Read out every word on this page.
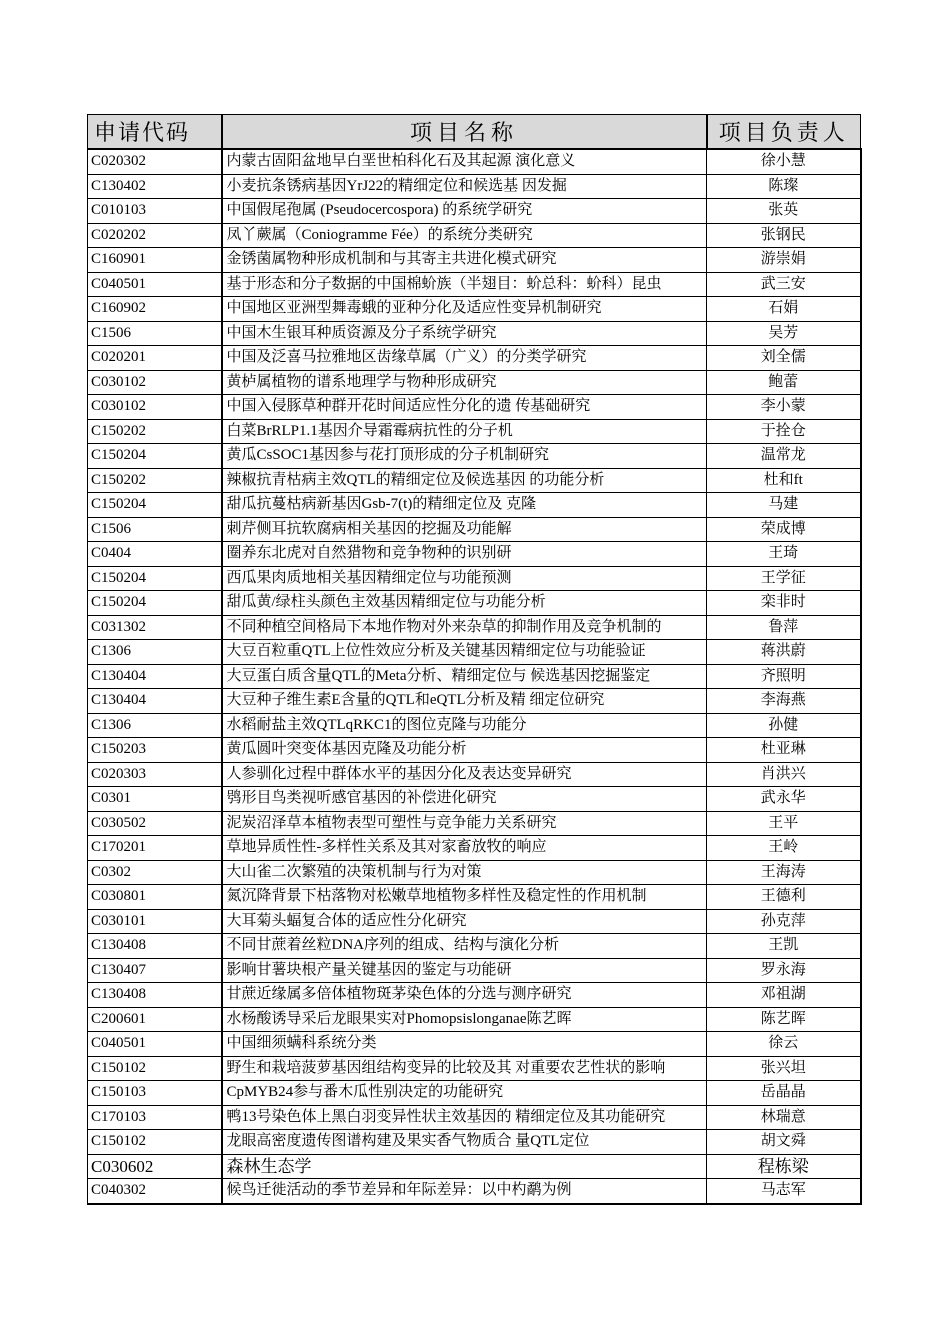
申请代码	项目名称	项目负责人
C020302	内蒙古固阳盆地早白垩世柏科化石及其起源 演化意义	徐小慧
C130402	小麦抗条锈病基因YrJ22的精细定位和候选基 因发掘	陈璨
C010103	中国假尾孢属 (Pseudocercospora) 的系统学研究	张英
C020202	凤丫蕨属（Coniogramme Fée）的系统分类研究	张钢民
C160901	金锈菌属物种形成机制和与其寄主共进化模式研究	游崇娟
C040501	基于形态和分子数据的中国棉蚧族（半翅目：蚧总科：蚧科）昆虫	武三安
C160902	中国地区亚洲型舞毒蛾的亚种分化及适应性变异机制研究	石娟
C1506	中国木生银耳种质资源及分子系统学研究	吴芳
C020201	中国及泛喜马拉雅地区齿缘草属（广义）的分类学研究	刘全儒
C030102	黄栌属植物的谱系地理学与物种形成研究	鲍蕾
C030102	中国入侵豚草种群开花时间适应性分化的遗 传基础研究	李小蒙
C150202	白菜BrRLP1.1基因介导霜霉病抗性的分子机	于拴仓
C150204	黄瓜CsSOC1基因参与花打顶形成的分子机制研究	温常龙
C150202	辣椒抗青枯病主效QTL的精细定位及候选基因 的功能分析	杜和ft
C150204	甜瓜抗蔓枯病新基因Gsb-7(t)的精细定位及 克隆	马建
C1506	刺芹侧耳抗软腐病相关基因的挖掘及功能解	荣成博
C0404	圈养东北虎对自然猎物和竞争物种的识别研	王琦
C150204	西瓜果肉质地相关基因精细定位与功能预测	王学征
C150204	甜瓜黄/绿柱头颜色主效基因精细定位与功能分析	栾非时
C031302	不同种植空间格局下本地作物对外来杂草的抑制作用及竞争机制的	鲁萍
C1306	大豆百粒重QTL上位性效应分析及关键基因精细定位与功能验证	蒋洪蔚
C130404	大豆蛋白质含量QTL的Meta分析、精细定位与 候选基因挖掘鉴定	齐照明
C130404	大豆种子维生素E含量的QTL和eQTL分析及精 细定位研究	李海燕
C1306	水稻耐盐主效QTLqRKC1的图位克隆与功能分	孙健
C150203	黄瓜圆叶突变体基因克隆及功能分析	杜亚琳
C020303	人参驯化过程中群体水平的基因分化及表达变异研究	肖洪兴
C0301	鸮形目鸟类视听感官基因的补偿进化研究	武永华
C030502	泥炭沼泽草本植物表型可塑性与竞争能力关系研究	王平
C170201	草地异质性性-多样性关系及其对家畜放牧的响应	王岭
C0302	大山雀二次繁殖的决策机制与行为对策	王海涛
C030801	氮沉降背景下枯落物对松嫩草地植物多样性及稳定性的作用机制	王德利
C030101	大耳菊头蝠复合体的适应性分化研究	孙克萍
C130408	不同甘蔗着丝粒DNA序列的组成、结构与演化分析	王凯
C130407	影响甘薯块根产量关键基因的鉴定与功能研	罗永海
C130408	甘蔗近缘属多倍体植物斑茅染色体的分选与测序研究	邓祖湖
C200601	水杨酸诱导采后龙眼果实对Phomopsislonganae陈艺晖	陈艺晖
C040501	中国细须螨科系统分类	徐云
C150102	野生和栽培菠萝基因组结构变异的比较及其 对重要农艺性状的影响	张兴坦
C150103	CpMYB24参与番木瓜性别决定的功能研究	岳晶晶
C170103	鸭13号染色体上黑白羽变异性状主效基因的 精细定位及其功能研究	林瑞意
C150102	龙眼高密度遗传图谱构建及果实香气物质合 量QTL定位	胡文舜
C030602	森林生态学	程栋梁
C040302	候鸟迁徙活动的季节差异和年际差异：以中杓鹬为例	马志军
